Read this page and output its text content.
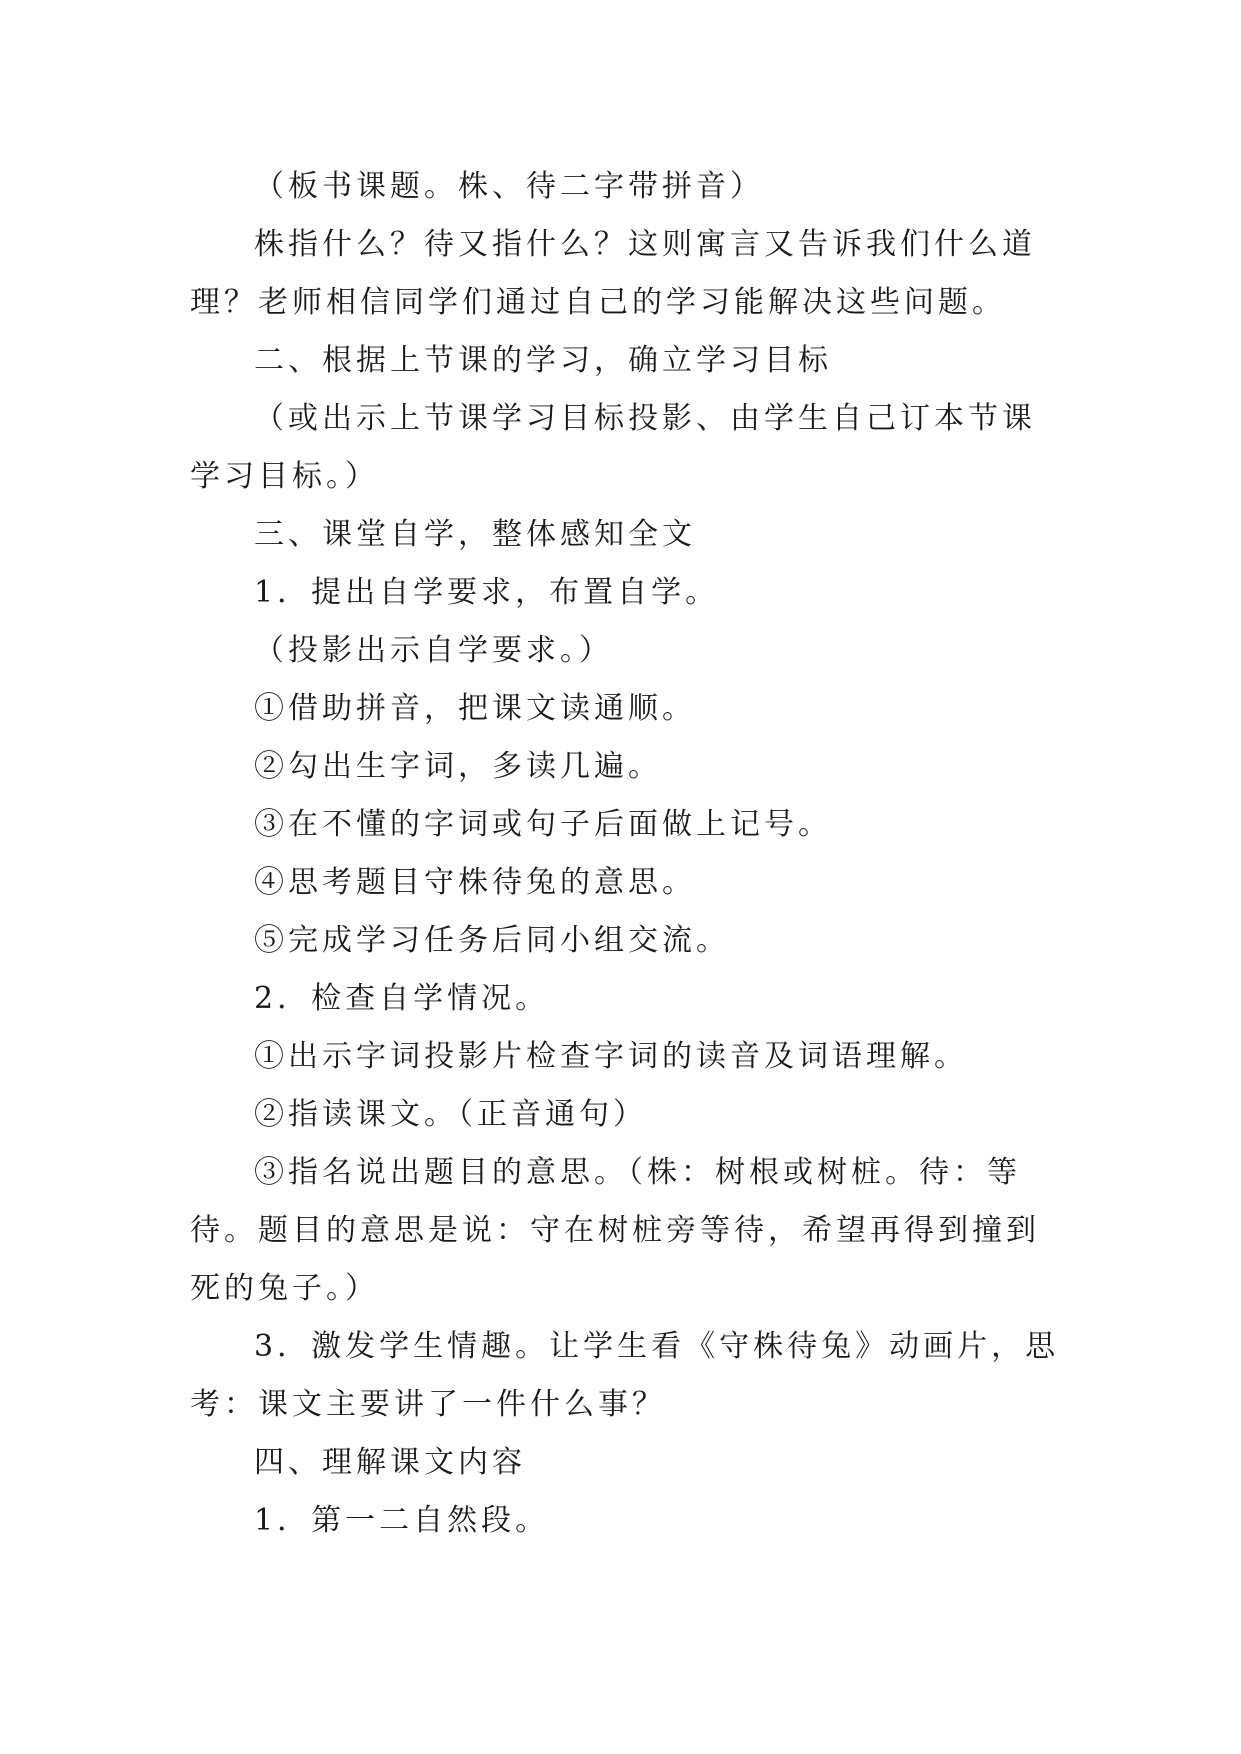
（板书课题。株、待二字带拼音）

株指什么？待又指什么？这则寓言又告诉我们什么道理？老师相信同学们通过自己的学习能解决这些问题。

二、根据上节课的学习，确立学习目标

（或出示上节课学习目标投影、由学生自己订本节课学习目标。）

三、课堂自学，整体感知全文

1．提出自学要求，布置自学。

（投影出示自学要求。）

①借助拼音，把课文读通顺。

②勾出生字词，多读几遍。

③在不懂的字词或句子后面做上记号。

④思考题目守株待兔的意思。

⑤完成学习任务后同小组交流。

2．检查自学情况。

①出示字词投影片检查字词的读音及词语理解。

②指读课文。（正音通句）

③指名说出题目的意思。（株：树根或树桩。待：等待。题目的意思是说：守在树桩旁等待，希望再得到撞到死的兔子。）

3．激发学生情趣。让学生看《守株待兔》动画片，思考：课文主要讲了一件什么事？

四、理解课文内容

1．第一二自然段。
